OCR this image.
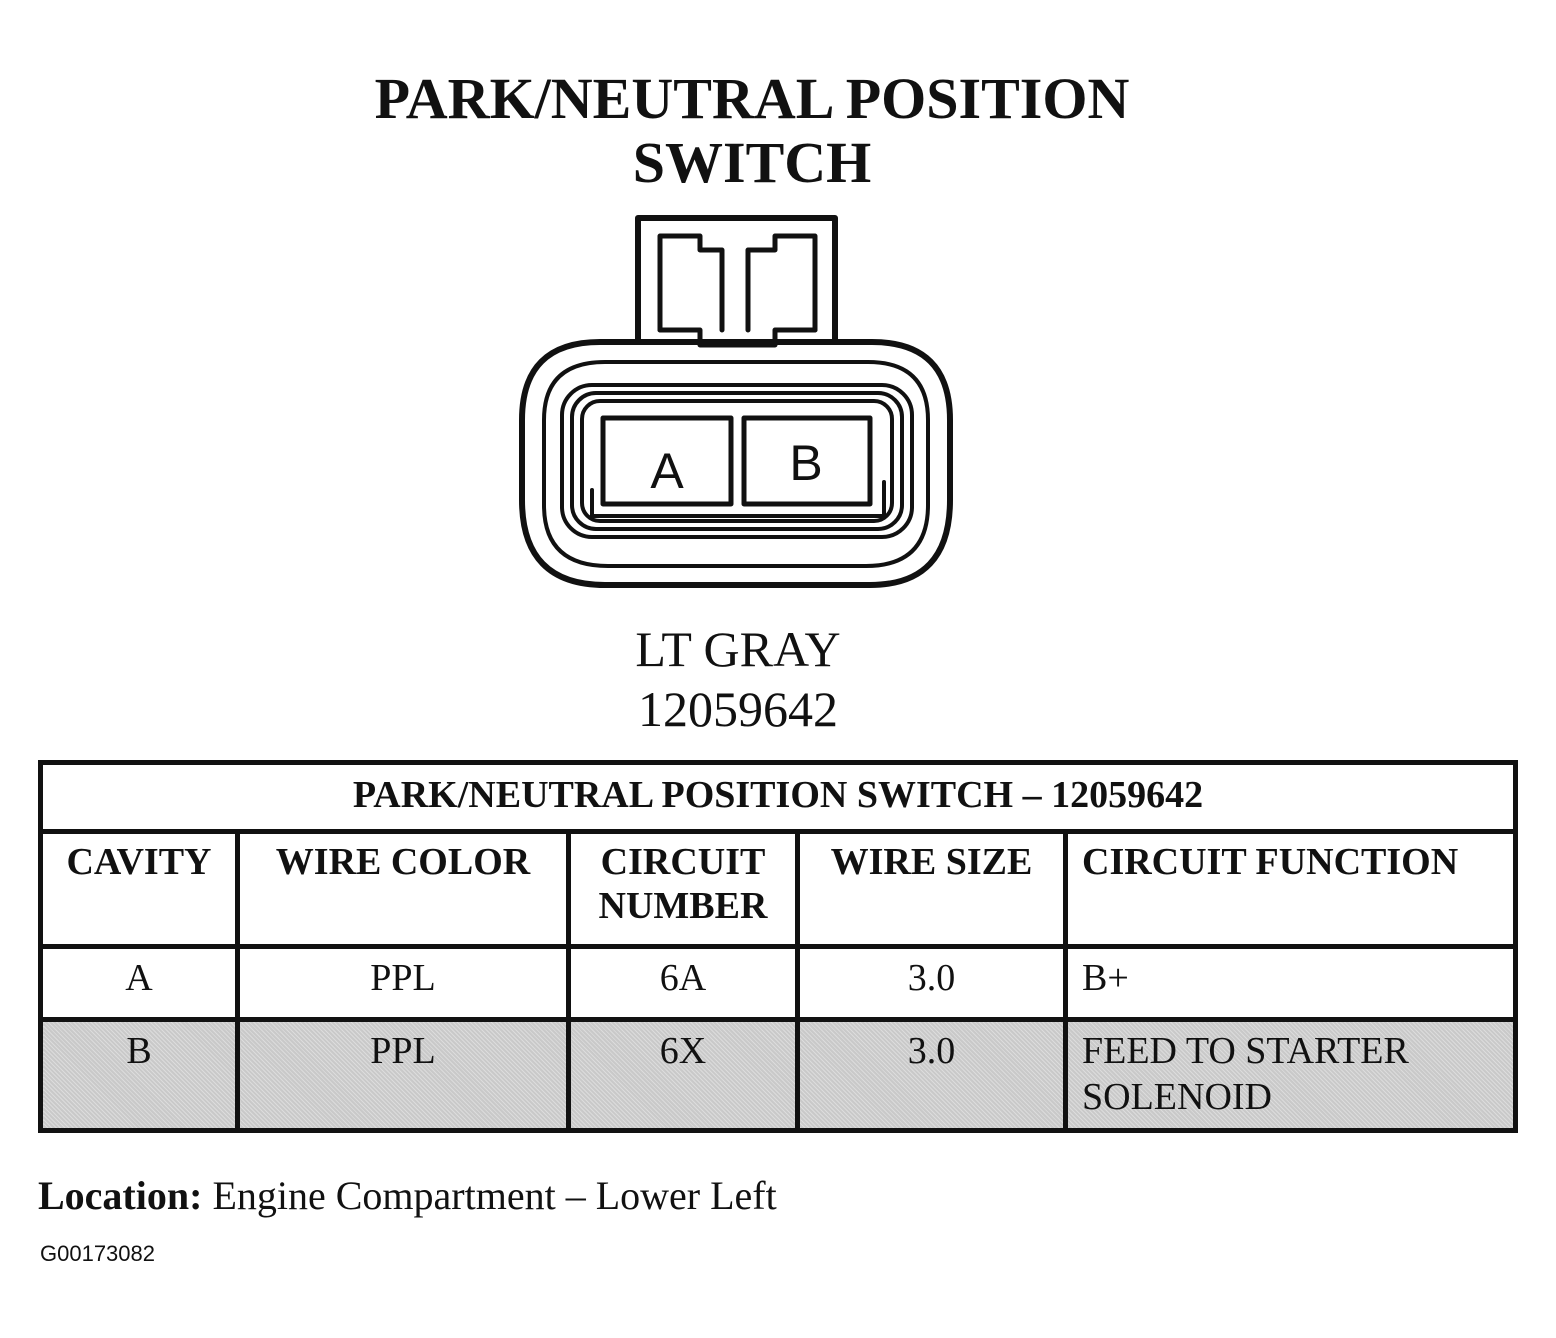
PARK/NEUTRAL POSITION
SWITCH
A B
LT GRAY
12059642
PARK/NEUTRAL POSITION SWITCH – 12059642				
CAVITY	WIRE COLOR	CIRCUIT NUMBER	WIRE SIZE	CIRCUIT FUNCTION
A	PPL	6A	3.0	B+
B	PPL	6X	3.0	FEED TO STARTER SOLENOID
Location: Engine Compartment – Lower Left
G00173082
